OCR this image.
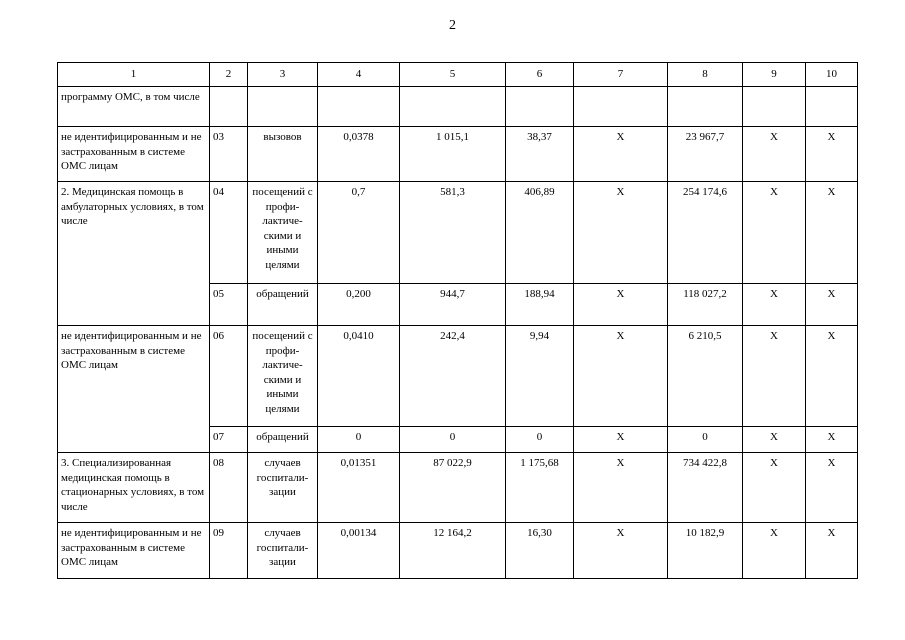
2
1	2	3	4	5	6	7	8	9	10
программу ОМС, в том числе									
не идентифицированным и не застрахованным в системе ОМС лицам	03	вызовов	0,0378	1 015,1	38,37	X	23 967,7	X	X
2. Медицинская помощь в амбулаторных условиях, в том числе	04	посещений с профи-лактиче-скими и иными целями	0,7	581,3	406,89	X	254 174,6	X	X
	05	обращений	0,200	944,7	188,94	X	118 027,2	X	X
не идентифицированным и не застрахованным в системе ОМС лицам	06	посещений с профи-лактиче-скими и иными целями	0,0410	242,4	9,94	X	6 210,5	X	X
	07	обращений	0	0	0	X	0	X	X
3. Специализированная медицинская помощь в стационарных условиях, в том числе	08	случаев госпитали-зации	0,01351	87 022,9	1 175,68	X	734 422,8	X	X
не идентифицированным и не застрахованным в системе ОМС лицам	09	случаев госпитали-зации	0,00134	12 164,2	16,30	X	10 182,9	X	X
